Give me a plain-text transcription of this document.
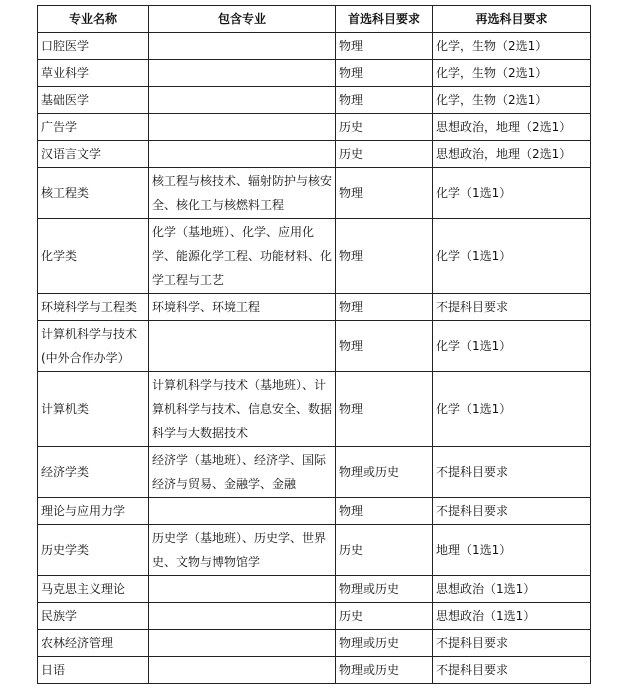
专业名称	包含专业	首选科目要求	再选科目要求
口腔医学		物理	化学，生物（2选1）
草业科学		物理	化学，生物（2选1）
基础医学		物理	化学，生物（2选1）
广告学		历史	思想政治，地理（2选1）
汉语言文学		历史	思想政治，地理（2选1）
核工程类	核工程与核技术、辐射防护与核安全、核化工与核燃料工程	物理	化学（1选1）
化学类	化学（基地班）、化学、应用化学、能源化学工程、功能材料、化学工程与工艺	物理	化学（1选1）
环境科学与工程类	环境科学、环境工程	物理	不提科目要求
计算机科学与技术(中外合作办学）		物理	化学（1选1）
计算机类	计算机科学与技术（基地班）、计算机科学与技术、信息安全、数据科学与大数据技术	物理	化学（1选1）
经济学类	经济学（基地班）、经济学、国际经济与贸易、金融学、金融	物理或历史	不提科目要求
理论与应用力学		物理	不提科目要求
历史学类	历史学（基地班）、历史学、世界史、文物与博物馆学	历史	地理（1选1）
马克思主义理论		物理或历史	思想政治（1选1）
民族学		历史	思想政治（1选1）
农林经济管理		物理或历史	不提科目要求
日语		物理或历史	不提科目要求
